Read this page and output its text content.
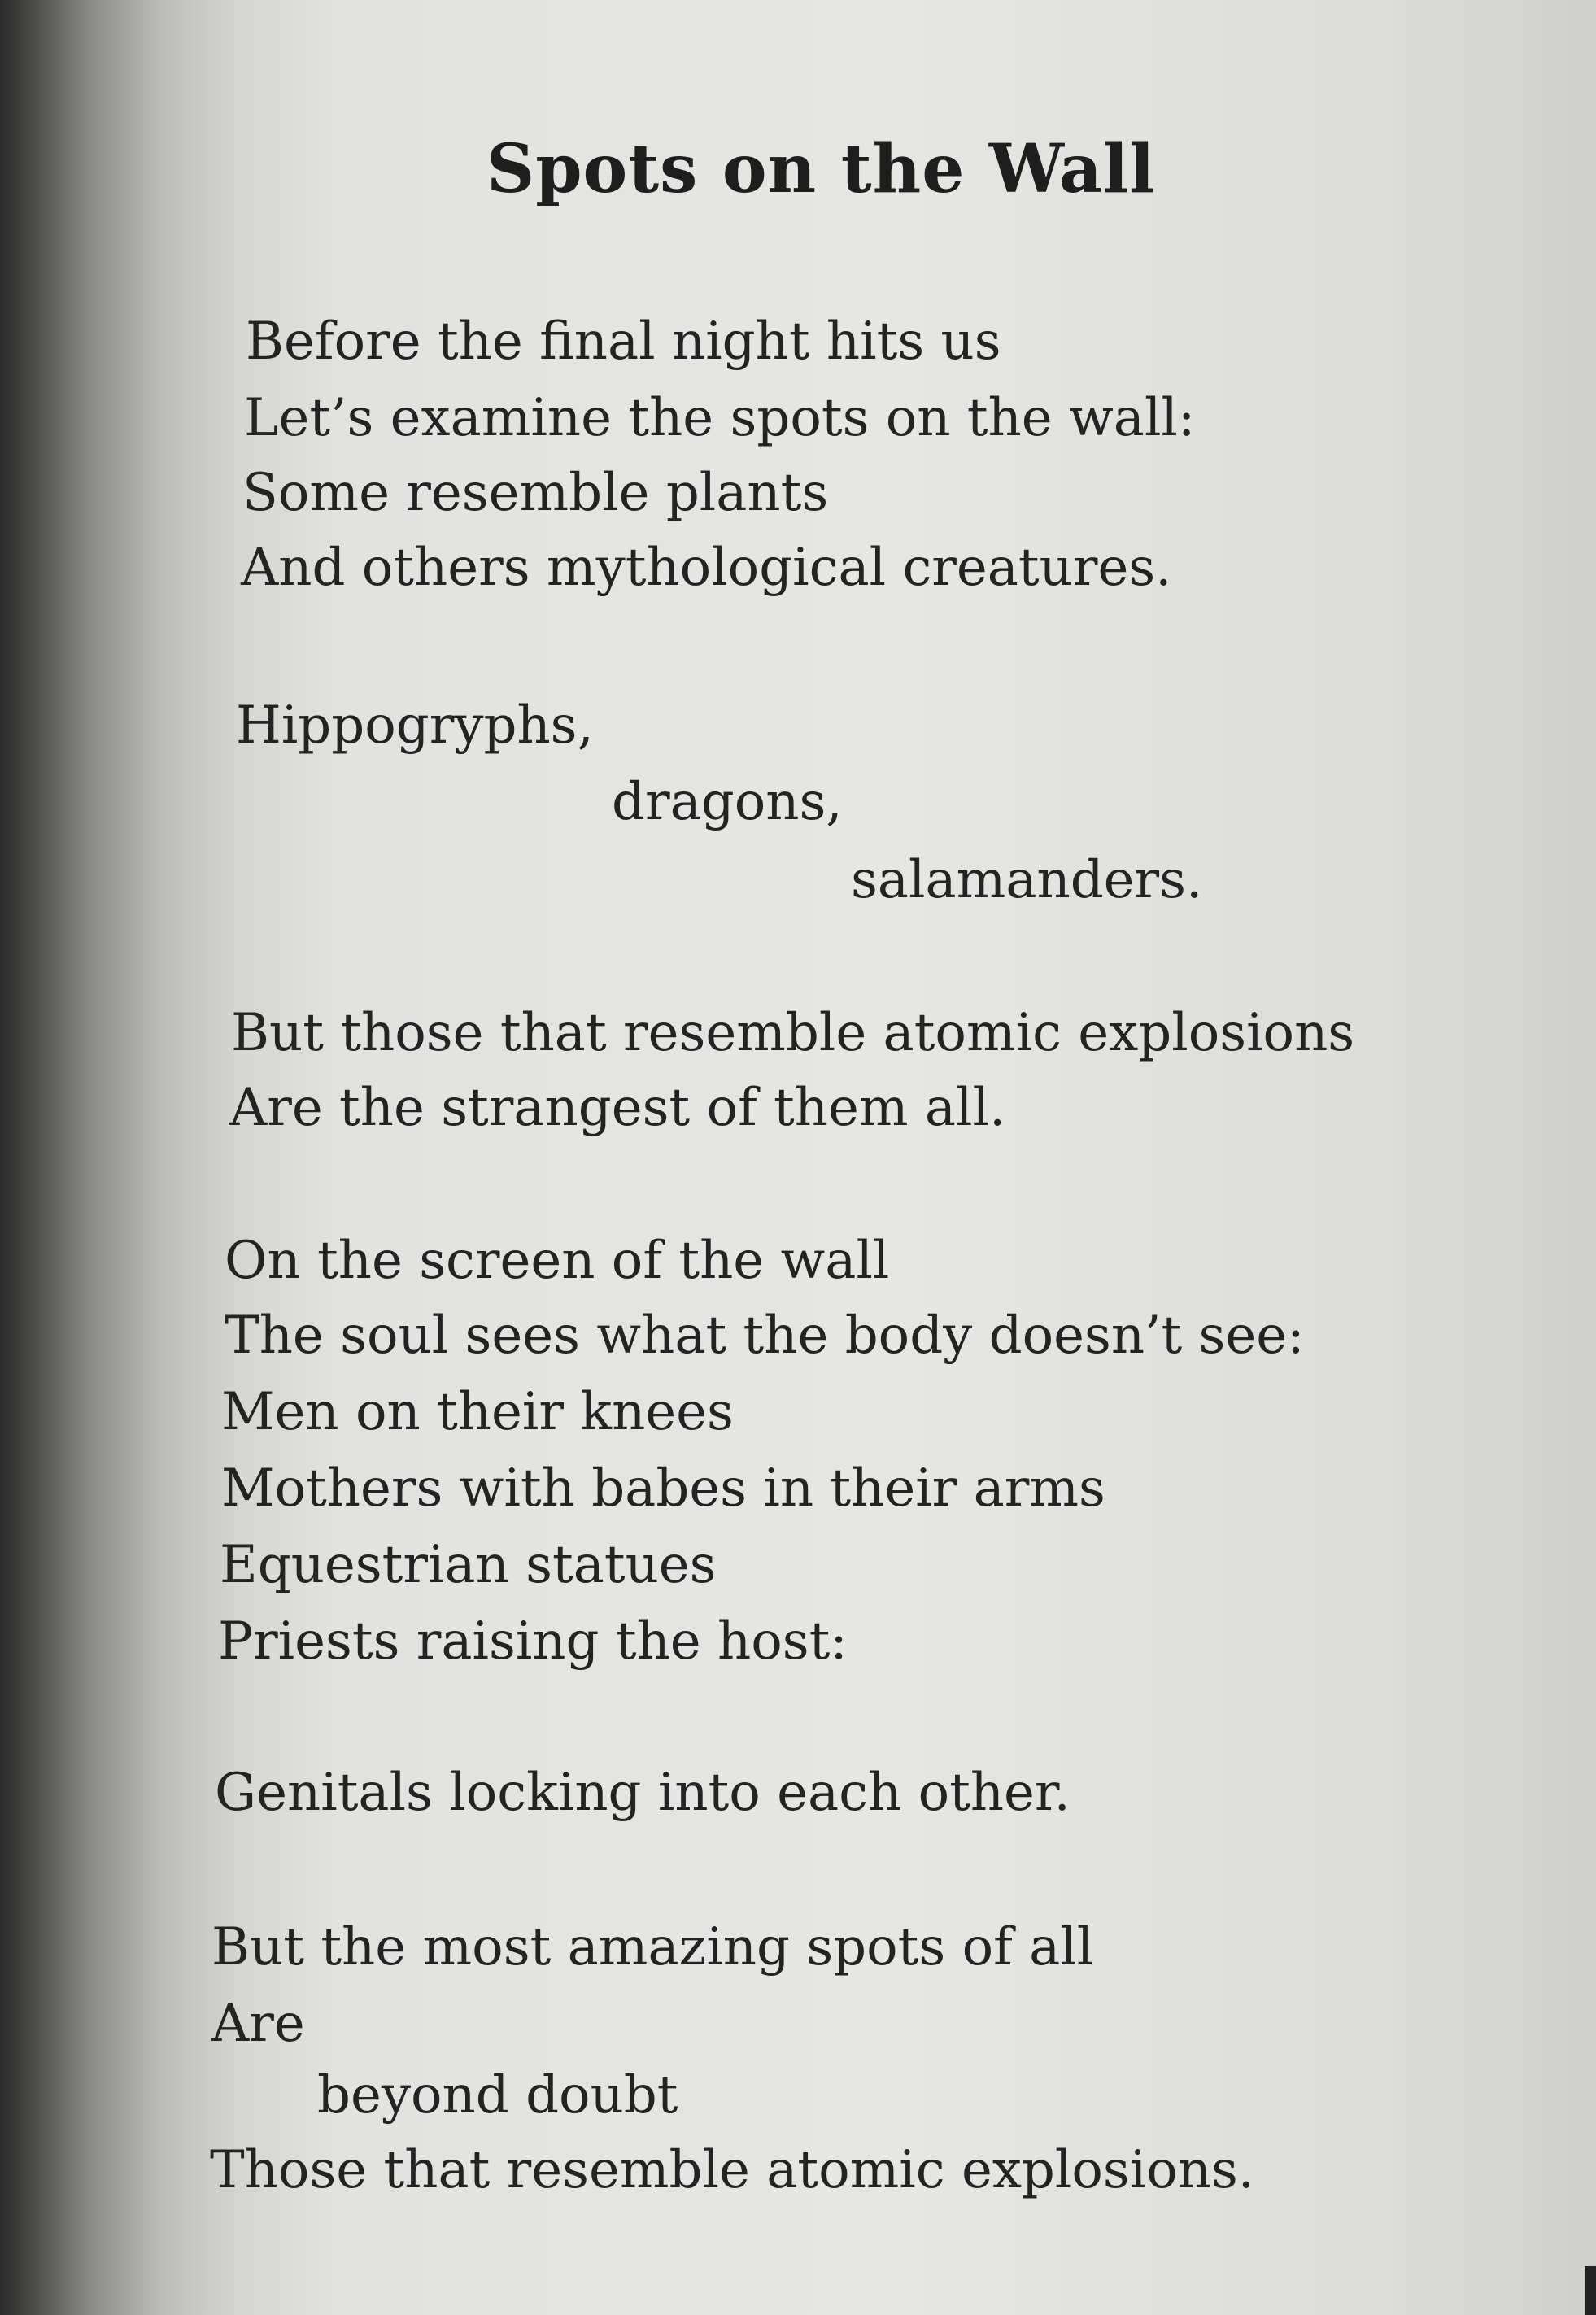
Spots on the Wall
Before the final night hits us
Let’s examine the spots on the wall:
Some resemble plants
And others mythological creatures.
Hippogryphs,
dragons,
salamanders.
But those that resemble atomic explosions
Are the strangest of them all.
On the screen of the wall
The soul sees what the body doesn’t see:
Men on their knees
Mothers with babes in their arms
Equestrian statues
Priests raising the host:
Genitals locking into each other.
But the most amazing spots of all
Are
beyond doubt
Those that resemble atomic explosions.
